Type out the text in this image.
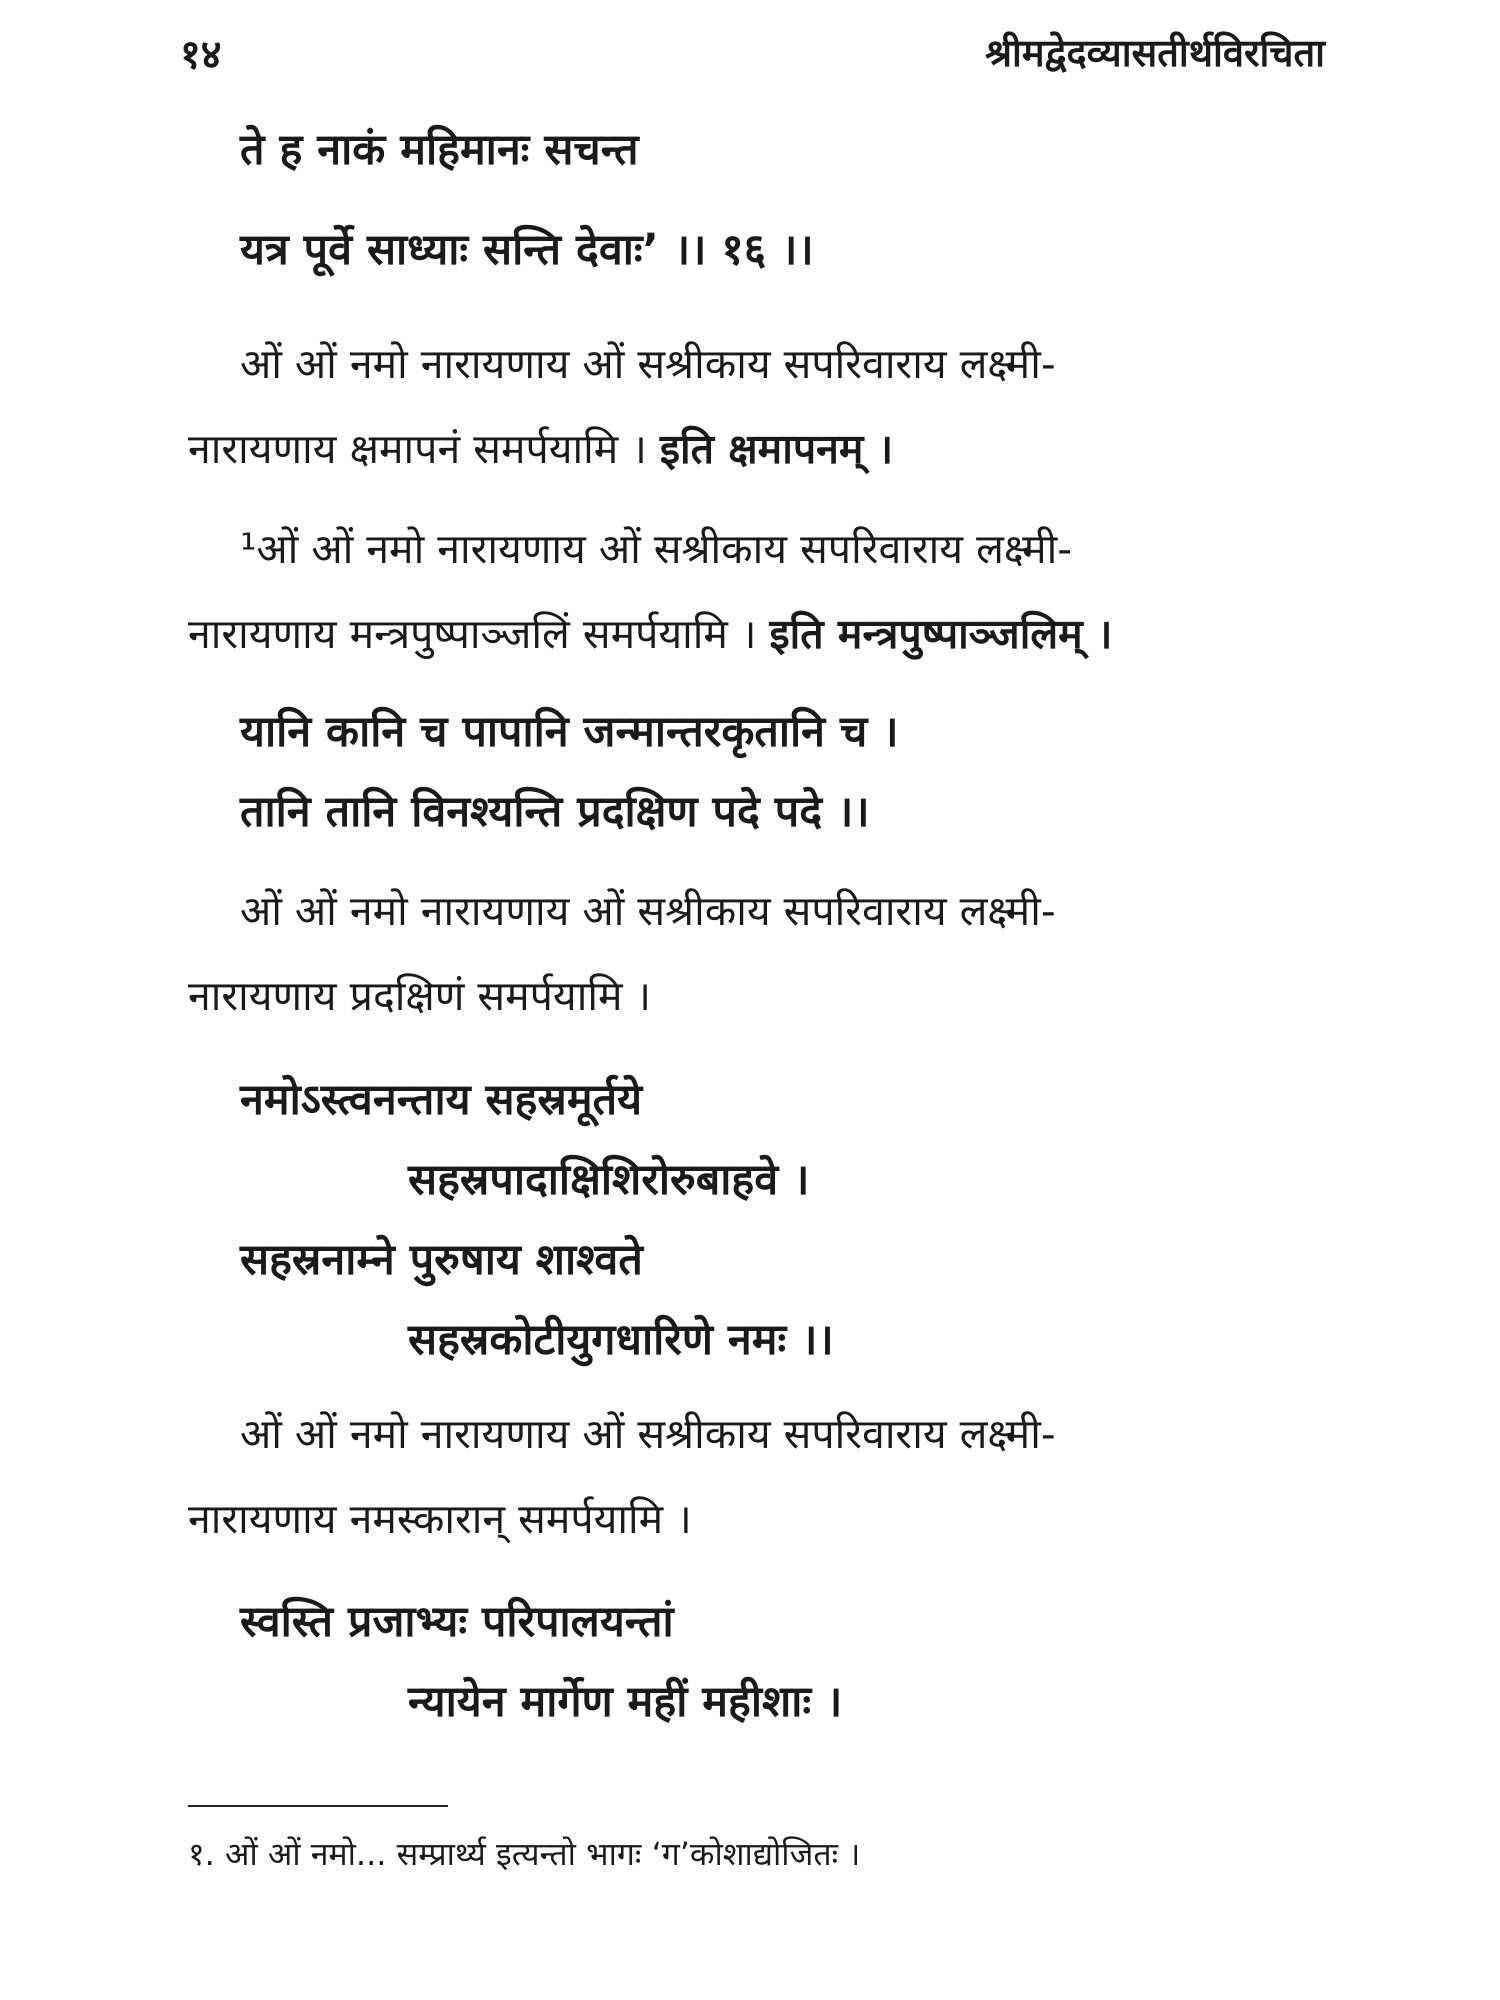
१४	श्रीमद्वेदव्यासतीर्थविरचिता
ते ह नाकं महिमानः सचन्त
यत्र पूर्वे साध्याः सन्ति देवाः’ ।। १६ ।।
ओं ओं नमो नारायणाय ओं सश्रीकाय सपरिवाराय लक्ष्मी-
नारायणाय क्षमापनं समर्पयामि । इति क्षमापनम् ।
¹ओं ओं नमो नारायणाय ओं सश्रीकाय सपरिवाराय लक्ष्मी-
नारायणाय मन्त्रपुष्पाञ्जलिं समर्पयामि । इति मन्त्रपुष्पाञ्जलिम् ।
यानि कानि च पापानि जन्मान्तरकृतानि च ।
तानि तानि विनश्यन्ति प्रदक्षिण पदे पदे ।।
ओं ओं नमो नारायणाय ओं सश्रीकाय सपरिवाराय लक्ष्मी-
नारायणाय प्रदक्षिणं समर्पयामि ।
नमोऽस्त्वनन्ताय सहस्रमूर्तये
सहस्रपादाक्षिशिरोरुबाहवे ।
सहस्रनाम्ने पुरुषाय शाश्वते
सहस्रकोटीयुगधारिणे नमः ।।
ओं ओं नमो नारायणाय ओं सश्रीकाय सपरिवाराय लक्ष्मी-
नारायणाय नमस्कारान् समर्पयामि ।
स्वस्ति प्रजाभ्यः परिपालयन्तां
न्यायेन मार्गेण महीं महीशाः ।
१. ओं ओं नमो... सम्प्रार्थ्य इत्यन्तो भागः ‘ग’कोशाद्योजितः ।
